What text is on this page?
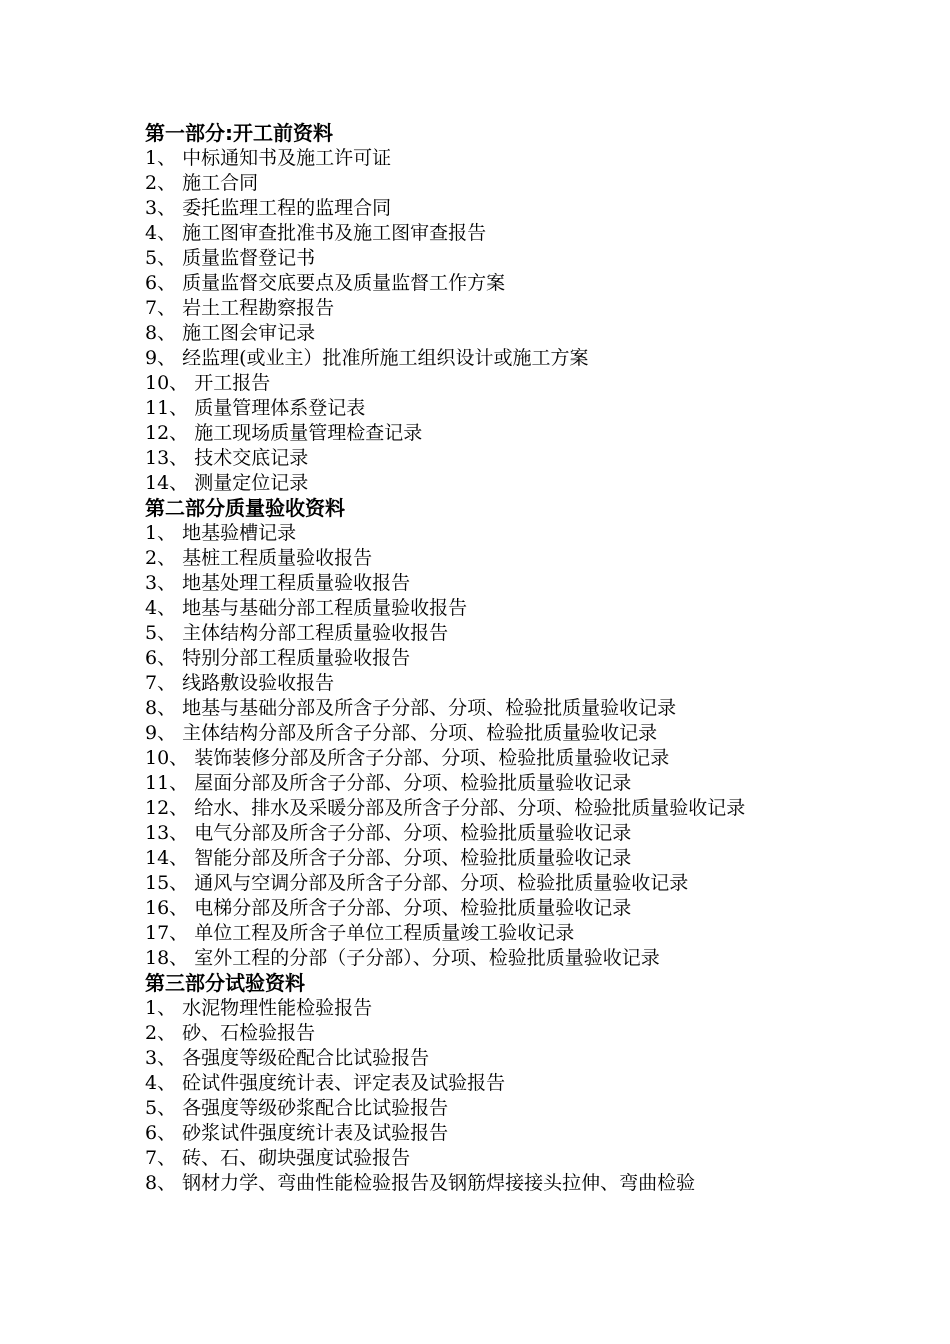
第一部分:开工前资料
1、 中标通知书及施工许可证
2、 施工合同
3、 委托监理工程的监理合同
4、 施工图审查批准书及施工图审查报告
5、 质量监督登记书
6、 质量监督交底要点及质量监督工作方案
7、 岩土工程勘察报告
8、 施工图会审记录
9、 经监理(或业主）批准所施工组织设计或施工方案
10、 开工报告
11、 质量管理体系登记表
12、 施工现场质量管理检查记录
13、 技术交底记录
14、 测量定位记录
第二部分质量验收资料
1、 地基验槽记录
2、 基桩工程质量验收报告
3、 地基处理工程质量验收报告
4、 地基与基础分部工程质量验收报告
5、 主体结构分部工程质量验收报告
6、 特别分部工程质量验收报告
7、 线路敷设验收报告
8、 地基与基础分部及所含子分部、分项、检验批质量验收记录
9、 主体结构分部及所含子分部、分项、检验批质量验收记录
10、 装饰装修分部及所含子分部、分项、检验批质量验收记录
11、 屋面分部及所含子分部、分项、检验批质量验收记录
12、 给水、排水及采暖分部及所含子分部、分项、检验批质量验收记录
13、 电气分部及所含子分部、分项、检验批质量验收记录
14、 智能分部及所含子分部、分项、检验批质量验收记录
15、 通风与空调分部及所含子分部、分项、检验批质量验收记录
16、 电梯分部及所含子分部、分项、检验批质量验收记录
17、 单位工程及所含子单位工程质量竣工验收记录
18、 室外工程的分部（子分部）、分项、检验批质量验收记录
第三部分试验资料
1、 水泥物理性能检验报告
2、 砂、石检验报告
3、 各强度等级砼配合比试验报告
4、 砼试件强度统计表、评定表及试验报告
5、 各强度等级砂浆配合比试验报告
6、 砂浆试件强度统计表及试验报告
7、 砖、石、砌块强度试验报告
8、 钢材力学、弯曲性能检验报告及钢筋焊接接头拉伸、弯曲检验
